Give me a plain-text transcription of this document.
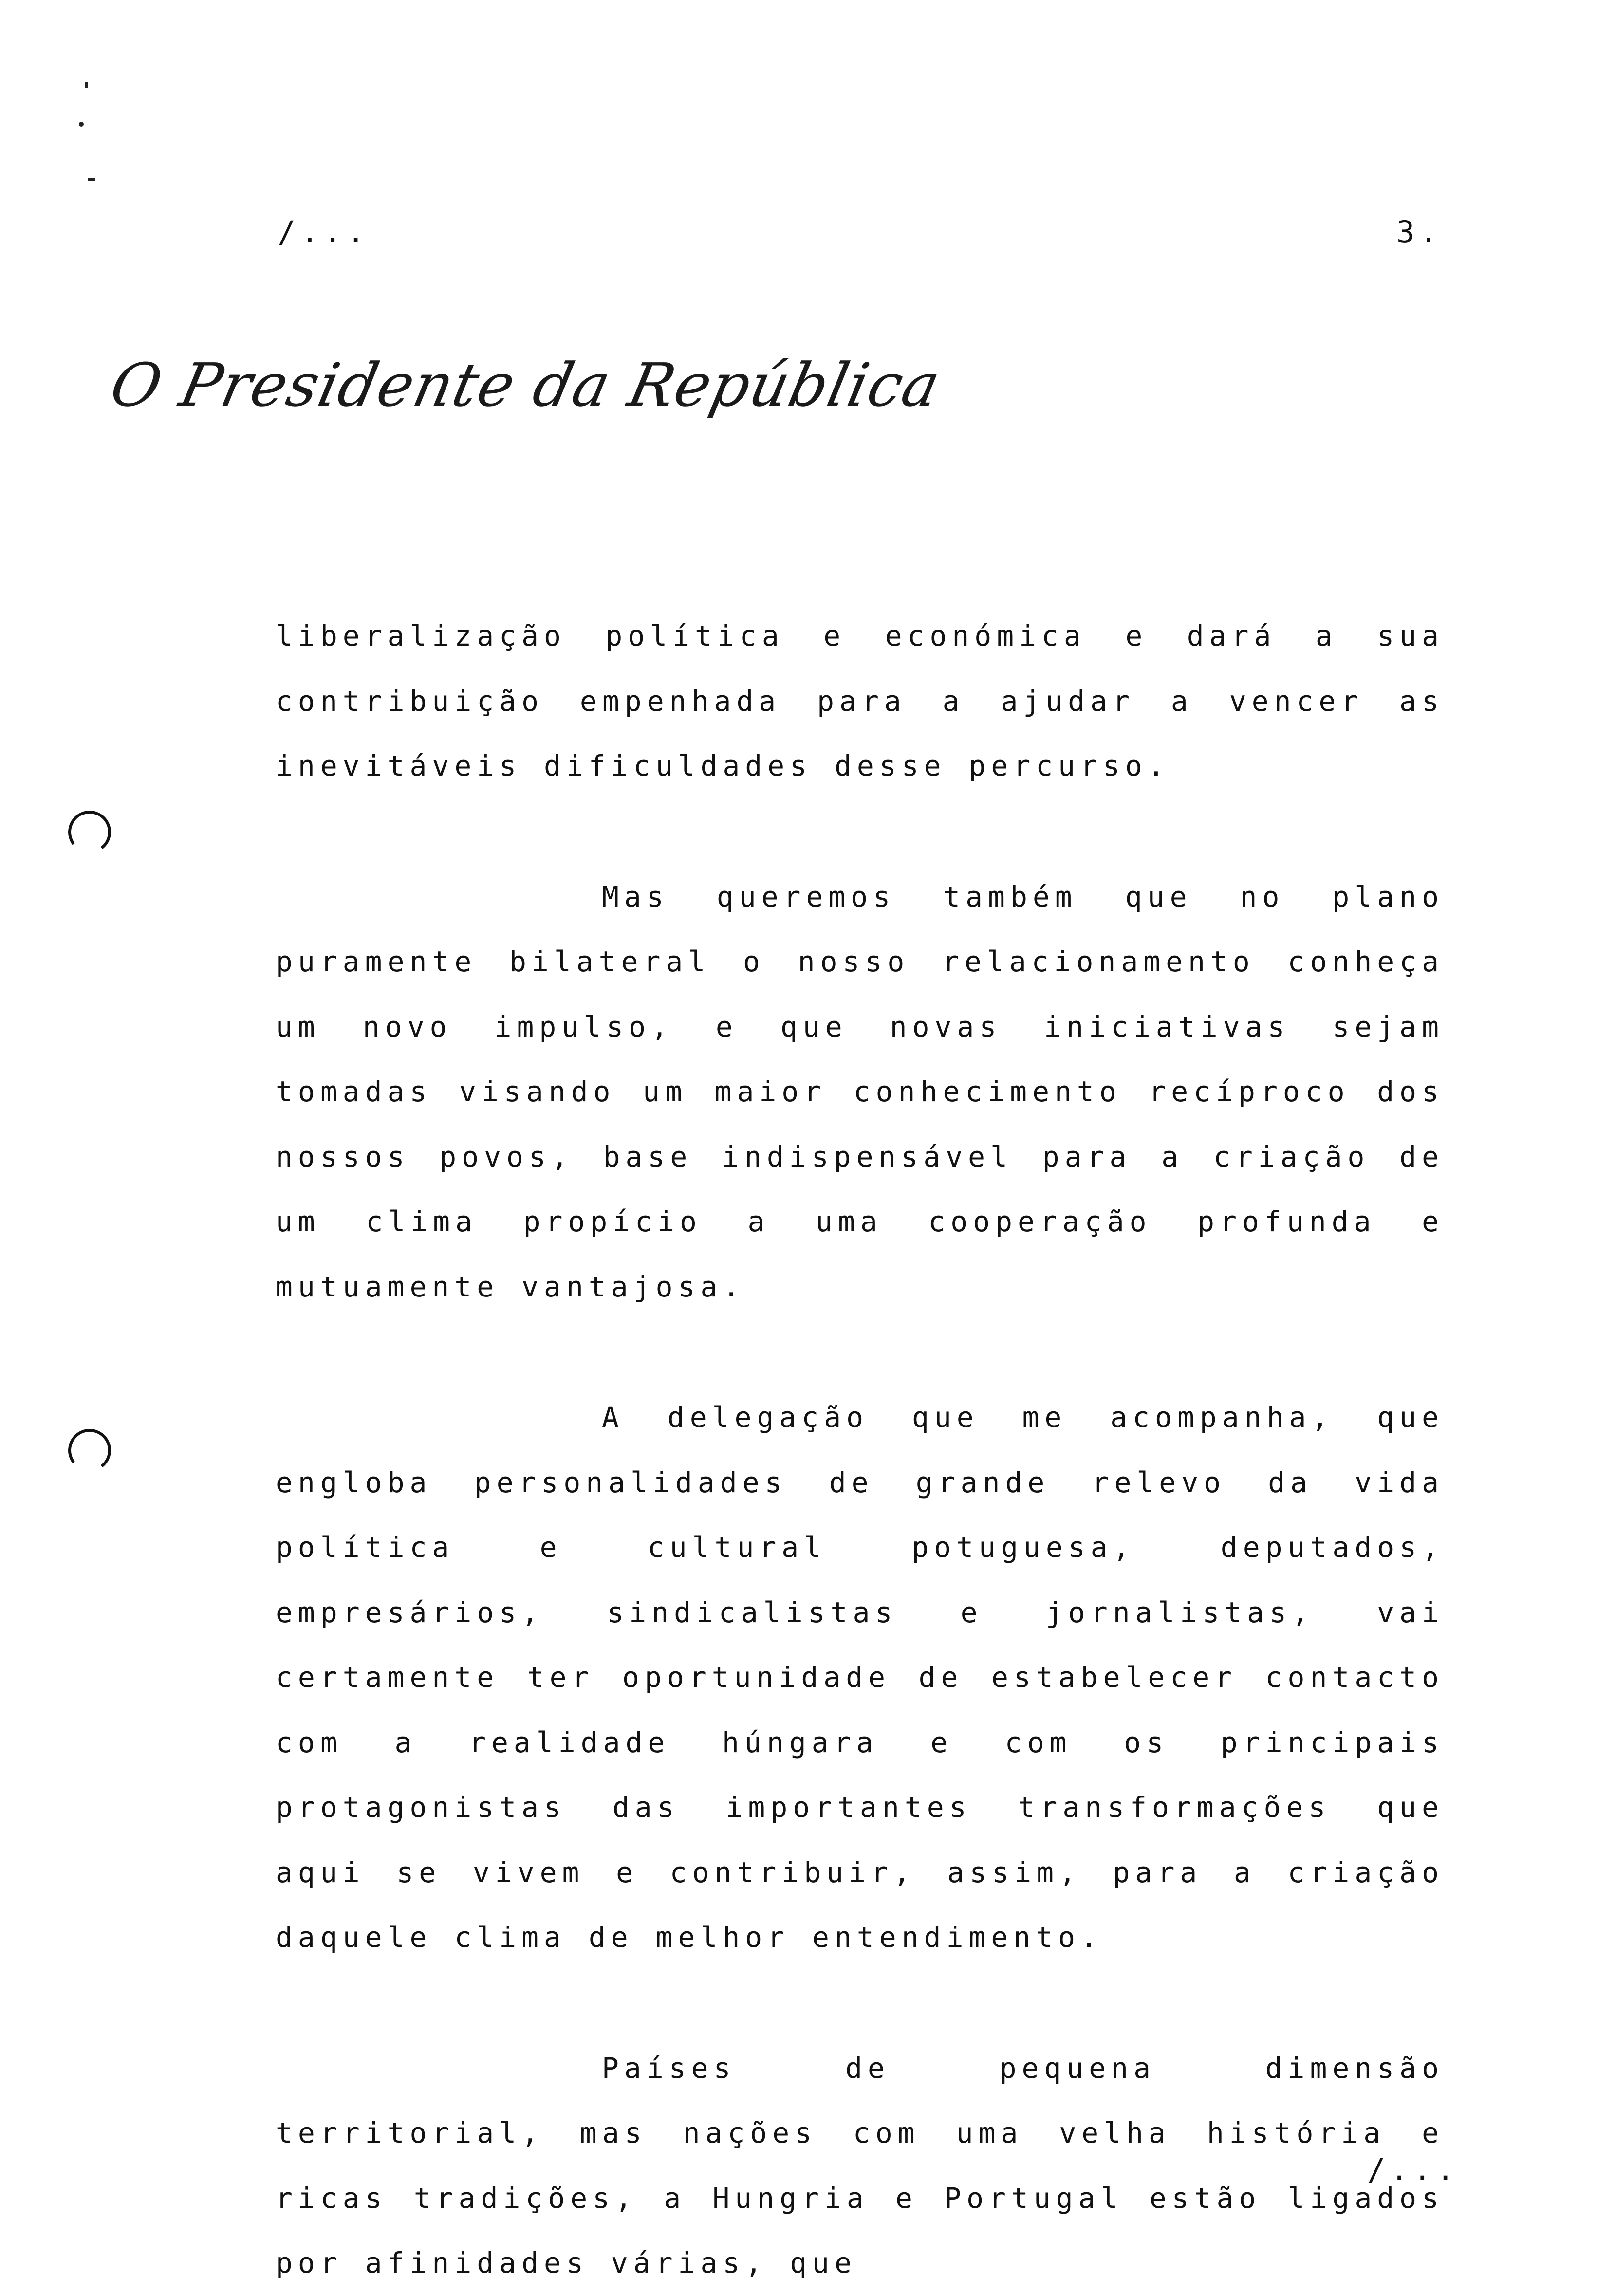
/...	3.
O Presidente da República

liberalização política e económica e dará a sua contribuição empenhada para a ajudar a vencer as inevitáveis dificuldades desse percurso.

Mas queremos também que no plano puramente bilateral o nosso relacionamento conheça um novo impulso, e que novas iniciativas sejam tomadas visando um maior conhecimento recíproco dos nossos povos, base indispensável para a criação de um clima propício a uma cooperação profunda e mutuamente vantajosa.

A delegação que me acompanha, que engloba personalidades de grande relevo da vida política e cultural potuguesa, deputados, empresários, sindicalistas e jornalistas, vai certamente ter oportunidade de estabelecer contacto com a realidade húngara e com os principais protagonistas das importantes transformações que aqui se vivem e contribuir, assim, para a criação daquele clima de melhor entendimento.

Países de pequena dimensão territorial, mas nações com uma velha história e ricas tradições, a Hungria e Portugal estão ligados por afinidades várias, que

/...
